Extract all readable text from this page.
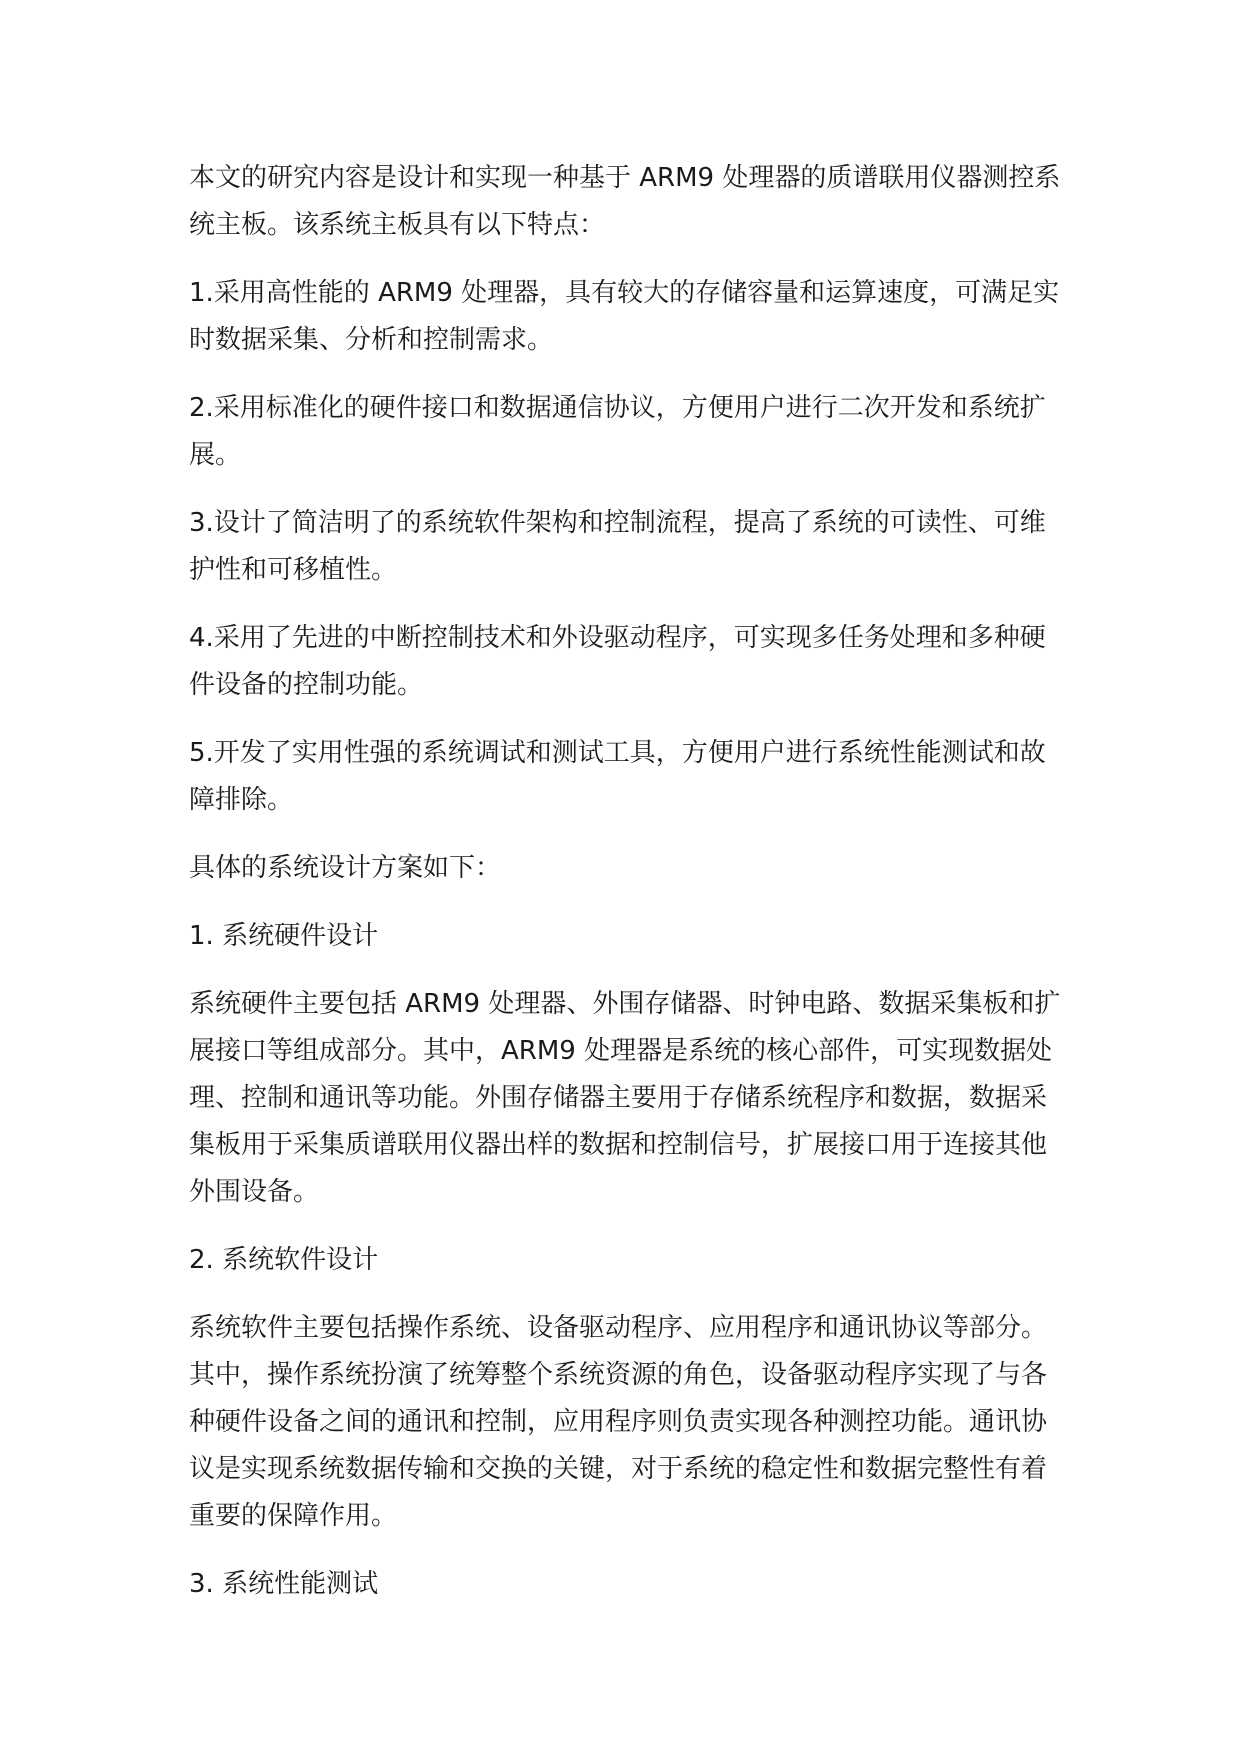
本文的研究内容是设计和实现一种基于 ARM9 处理器的质谱联用仪器测控系统主板。该系统主板具有以下特点：

1.采用高性能的 ARM9 处理器，具有较大的存储容量和运算速度，可满足实时数据采集、分析和控制需求。

2.采用标准化的硬件接口和数据通信协议，方便用户进行二次开发和系统扩展。

3.设计了简洁明了的系统软件架构和控制流程，提高了系统的可读性、可维护性和可移植性。

4.采用了先进的中断控制技术和外设驱动程序，可实现多任务处理和多种硬件设备的控制功能。

5.开发了实用性强的系统调试和测试工具，方便用户进行系统性能测试和故障排除。

具体的系统设计方案如下：

1. 系统硬件设计

系统硬件主要包括 ARM9 处理器、外围存储器、时钟电路、数据采集板和扩展接口等组成部分。其中，ARM9 处理器是系统的核心部件，可实现数据处理、控制和通讯等功能。外围存储器主要用于存储系统程序和数据，数据采集板用于采集质谱联用仪器出样的数据和控制信号，扩展接口用于连接其他外围设备。

2. 系统软件设计

系统软件主要包括操作系统、设备驱动程序、应用程序和通讯协议等部分。其中，操作系统扮演了统筹整个系统资源的角色，设备驱动程序实现了与各种硬件设备之间的通讯和控制，应用程序则负责实现各种测控功能。通讯协议是实现系统数据传输和交换的关键，对于系统的稳定性和数据完整性有着重要的保障作用。

3. 系统性能测试
